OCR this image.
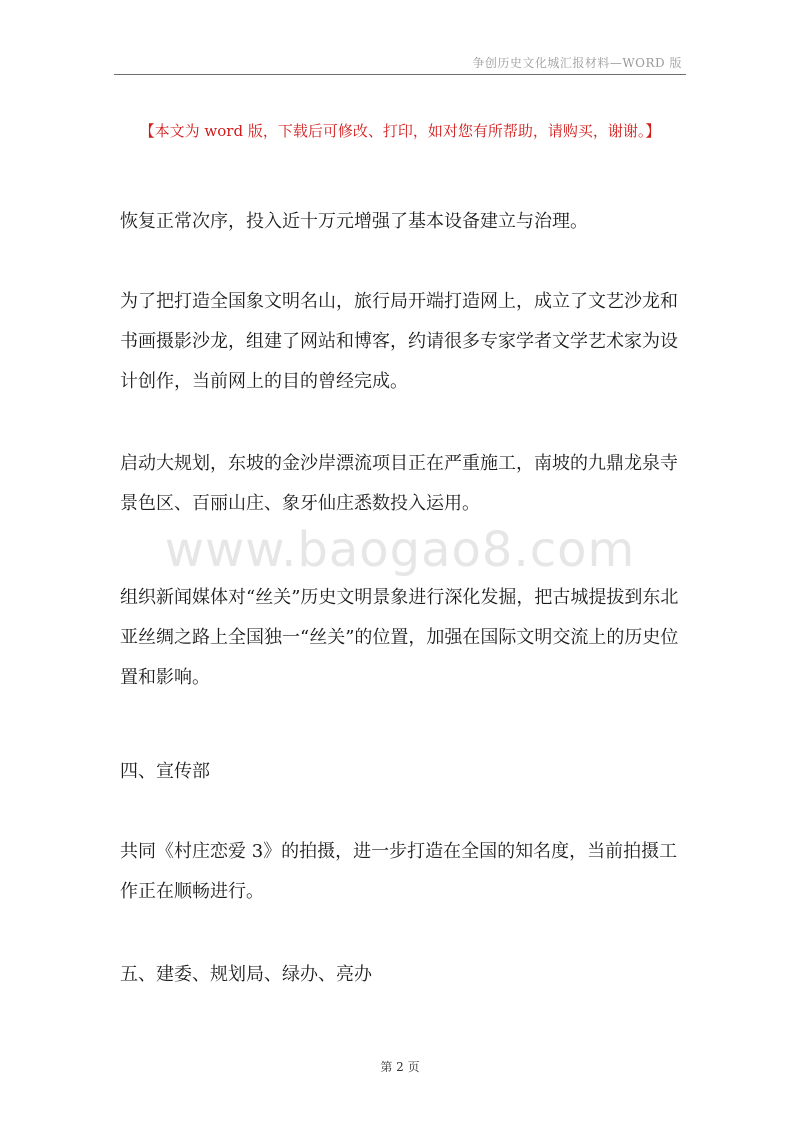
争创历史文化城汇报材料—WORD 版
【本文为 word 版，下载后可修改、打印，如对您有所帮助，请购买，谢谢。】

恢复正常次序，投入近十万元增强了基本设备建立与治理。

为了把打造全国象文明名山，旅行局开端打造网上，成立了文艺沙龙和书画摄影沙龙，组建了网站和博客，约请很多专家学者文学艺术家为设计创作，当前网上的目的曾经完成。

启动大规划，东坡的金沙岸漂流项目正在严重施工，南坡的九鼎龙泉寺景色区、百丽山庄、象牙仙庄悉数投入运用。

组织新闻媒体对“丝关”历史文明景象进行深化发掘，把古城提拔到东北亚丝绸之路上全国独一“丝关”的位置，加强在国际文明交流上的历史位置和影响。

四、宣传部

共同《村庄恋爱 3》的拍摄，进一步打造在全国的知名度，当前拍摄工作正在顺畅进行。

五、建委、规划局、绿办、亮办

www.baogao8.com
第 2 页
